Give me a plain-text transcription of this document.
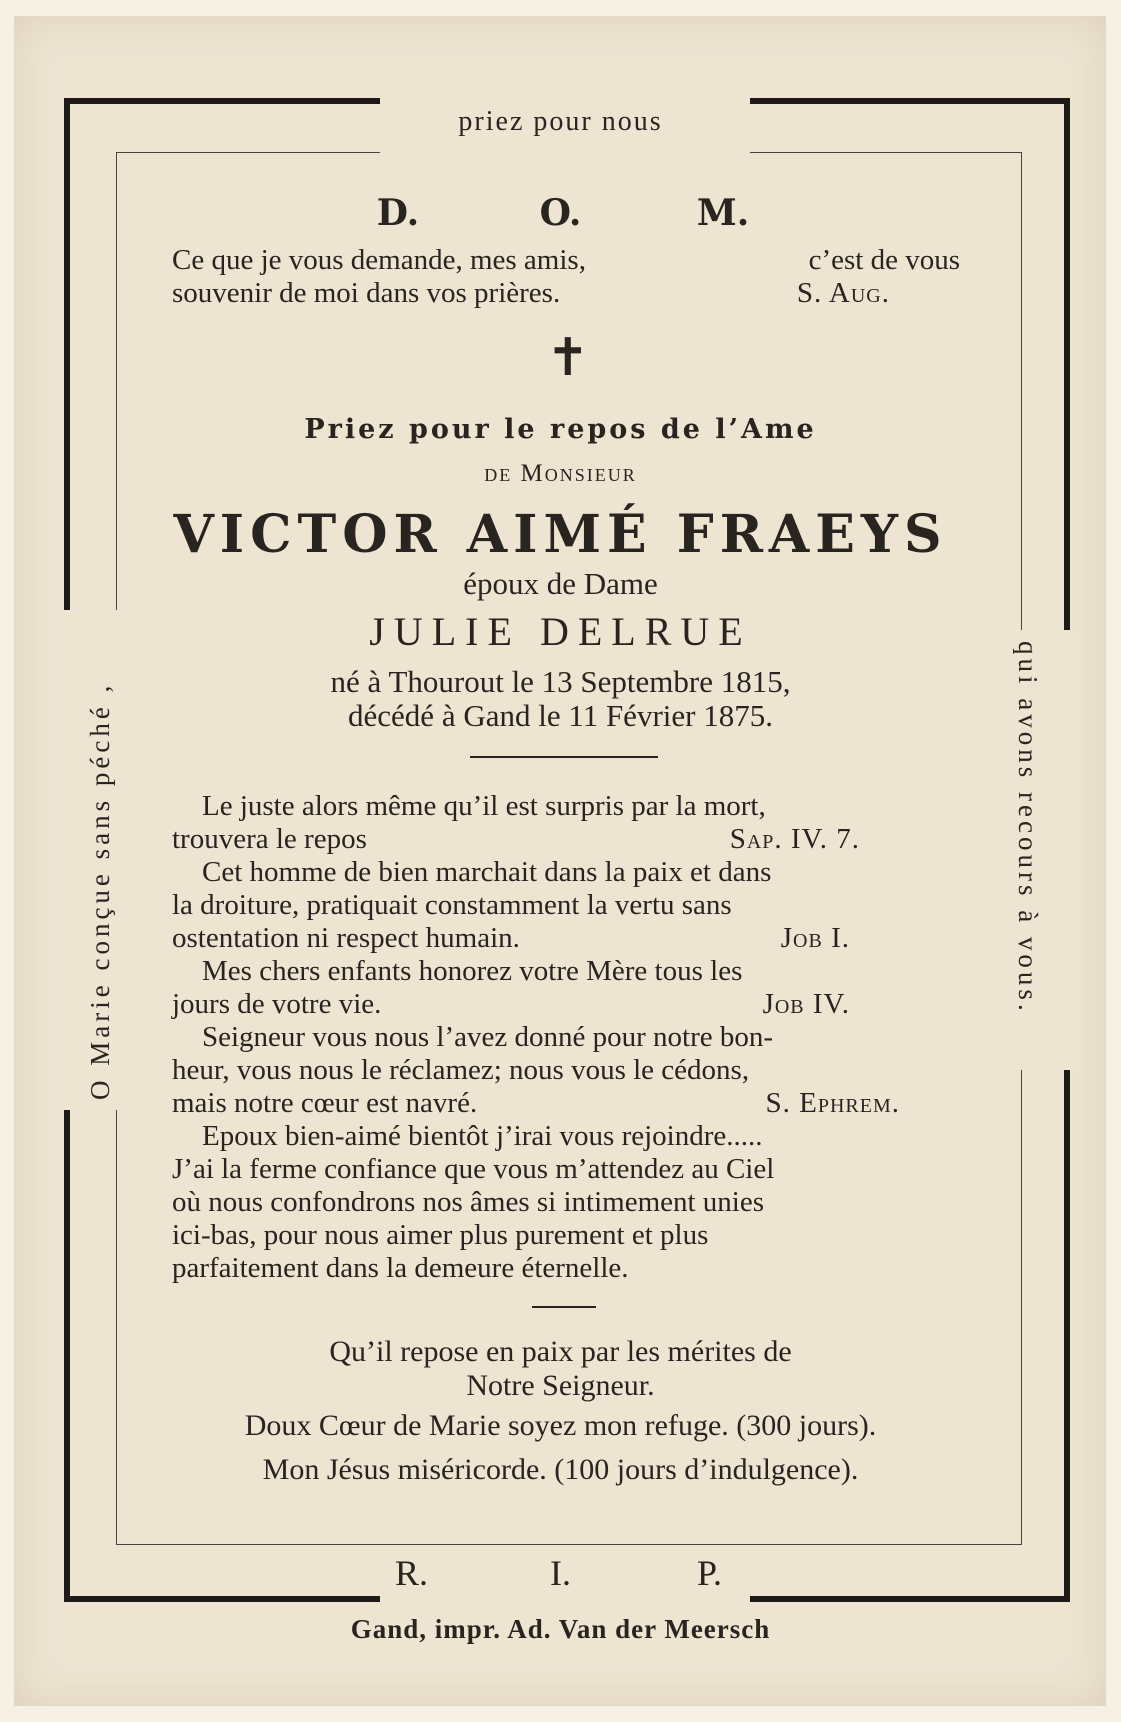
priez pour nous
O Marie conçue sans péché ,	qui avons recours à vous.
D.	O.	M.
Ce que je vous demande, mes amis,	c’est de vous
souvenir de moi dans vos prières.	S. Aug.
✝
Priez pour le repos de l’Ame
de Monsieur
VICTOR AIMÉ FRAEYS
époux de Dame
JULIE DELRUE
né à Thourout le 13 Septembre 1815,
décédé à Gand le 11 Février 1875.
Le juste alors même qu’il est surpris par la mort,
trouvera le repos	Sap. IV. 7.
Cet homme de bien marchait dans la paix et dans
la droiture, pratiquait constamment la vertu sans
ostentation ni respect humain.	Job I.
Mes chers enfants honorez votre Mère tous les
jours de votre vie.	Job IV.
Seigneur vous nous l’avez donné pour notre bon-
heur, vous nous le réclamez; nous vous le cédons,
mais notre cœur est navré.	S. Ephrem.
Epoux bien-aimé bientôt j’irai vous rejoindre.....
J’ai la ferme confiance que vous m’attendez au Ciel
où nous confondrons nos âmes si intimement unies
ici-bas, pour nous aimer plus purement et plus
parfaitement dans la demeure éternelle.
Qu’il repose en paix par les mérites de
Notre Seigneur.
Doux Cœur de Marie soyez mon refuge. (300 jours).
Mon Jésus miséricorde. (100 jours d’indulgence).
R.	I.	P.
Gand, impr. Ad. Van der Meersch
